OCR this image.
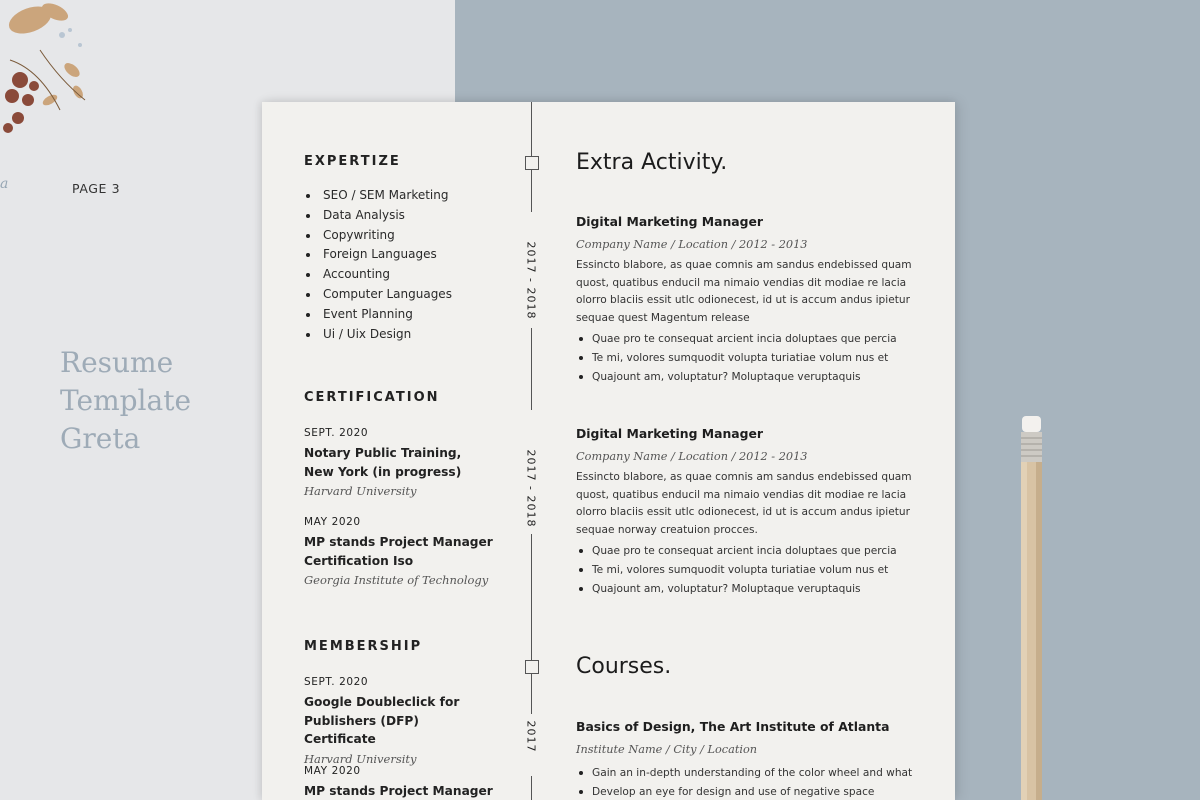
a	PAGE 3
Resume
Template
Greta
EXPERTIZE
SEO / SEM Marketing
Data Analysis
Copywriting
Foreign Languages
Accounting
Computer Languages
Event Planning
Ui / Uix Design
CERTIFICATION
SEPT. 2020
Notary Public Training, New York (in progress)
Harvard University
MAY 2020
MP stands Project Manager Certification Iso
Georgia Institute of Technology
MEMBERSHIP
SEPT. 2020
Google Doubleclick for Publishers (DFP) Certificate
Harvard University
MAY 2020
MP stands Project Manager
2017 - 2018
2017 - 2018
2017
Extra Activity.
Digital Marketing Manager
Company Name / Location / 2012 - 2013
Essincto blabore, as quae comnis am sandus endebissed quam quost, quatibus enducil ma nimaio vendias dit modiae re lacia olorro blaciis essit utlc odionecest, id ut is accum andus ipietur sequae quest Magentum release
Quae pro te consequat arcient incia doluptaes que percia
Te mi, volores sumquodit volupta turiatiae volum nus et
Quajount am, voluptatur? Moluptaque veruptaquis
Digital Marketing Manager
Company Name / Location / 2012 - 2013
Essincto blabore, as quae comnis am sandus endebissed quam quost, quatibus enducil ma nimaio vendias dit modiae re lacia olorro blaciis essit utlc odionecest, id ut is accum andus ipietur sequae norway creatuion procces.
Quae pro te consequat arcient incia doluptaes que percia
Te mi, volores sumquodit volupta turiatiae volum nus et
Quajount am, voluptatur? Moluptaque veruptaquis
Courses.
Basics of Design, The Art Institute of Atlanta
Institute Name / City / Location
Gain an in-depth understanding of the color wheel and what
Develop an eye for design and use of negative space
